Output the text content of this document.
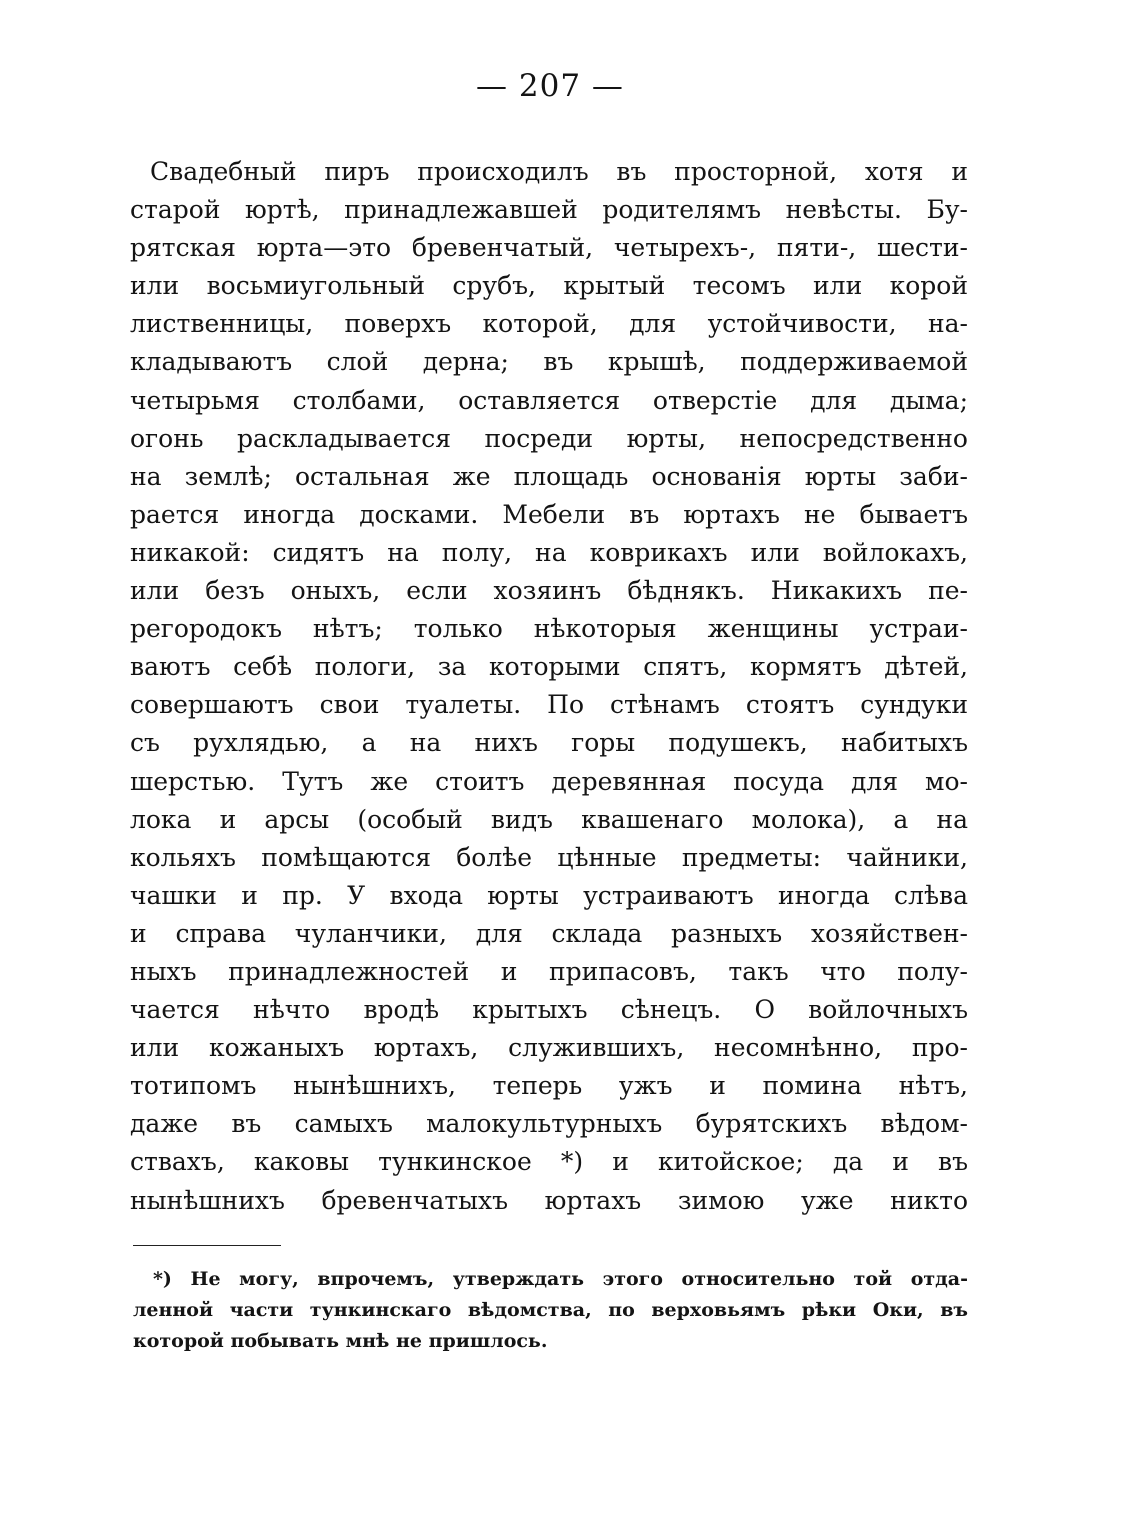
— 207 —
Свадебный пиръ происходилъ въ просторной, хотя и
старой юртѣ, принадлежавшей родителямъ невѣсты. Бу-
рятская юрта—это бревенчатый, четырехъ-, пяти-, шести-
или восьмиугольный срубъ, крытый тесомъ или корой
лиственницы, поверхъ которой, для устойчивости, на-
кладываютъ слой дерна; въ крышѣ, поддерживаемой
четырьмя столбами, оставляется отверстіе для дыма;
огонь раскладывается посреди юрты, непосредственно
на землѣ; остальная же площадь основанія юрты заби-
рается иногда досками. Мебели въ юртахъ не бываетъ
никакой: сидятъ на полу, на коврикахъ или войлокахъ,
или безъ оныхъ, если хозяинъ бѣднякъ. Никакихъ пе-
регородокъ нѣтъ; только нѣкоторыя женщины устраи-
ваютъ себѣ пологи, за которыми спятъ, кормятъ дѣтей,
совершаютъ свои туалеты. По стѣнамъ стоятъ сундуки
съ рухлядью, а на нихъ горы подушекъ, набитыхъ
шерстью. Тутъ же стоитъ деревянная посуда для мо-
лока и арсы (особый видъ квашенаго молока), а на
кольяхъ помѣщаются болѣе цѣнные предметы: чайники,
чашки и пр. У входа юрты устраиваютъ иногда слѣва
и справа чуланчики, для склада разныхъ хозяйствен-
ныхъ принадлежностей и припасовъ, такъ что полу-
чается нѣчто вродѣ крытыхъ сѣнецъ. О войлочныхъ
или кожаныхъ юртахъ, служившихъ, несомнѣнно, про-
тотипомъ нынѣшнихъ, теперь ужъ и помина нѣтъ,
даже въ самыхъ малокультурныхъ бурятскихъ вѣдом-
ствахъ, каковы тункинское *) и китойское; да и въ
нынѣшнихъ бревенчатыхъ юртахъ зимою уже никто
*) Не могу, впрочемъ, утверждать этого относительно той отда-
ленной части тункинскаго вѣдомства, по верховьямъ рѣки Оки, въ
которой побывать мнѣ не пришлось.
